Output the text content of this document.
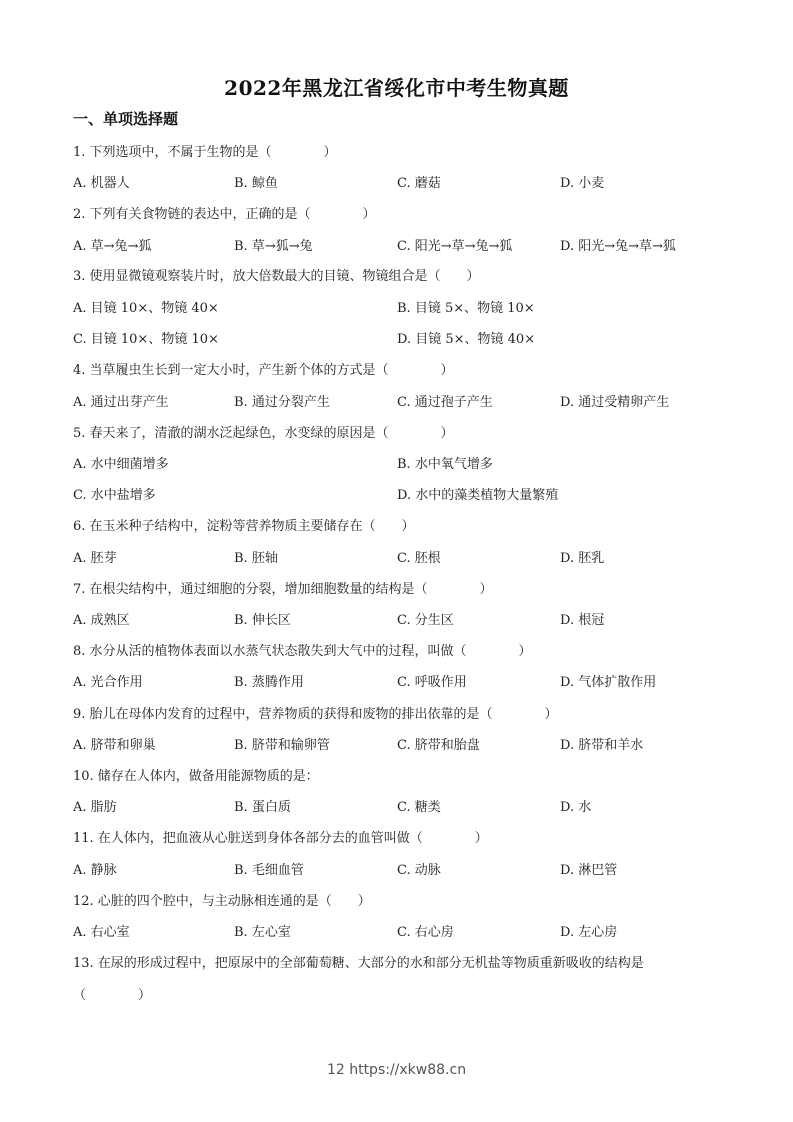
2022年黑龙江省绥化市中考生物真题
一、单项选择题
1. 下列选项中，不属于生物的是（　　　　）
A. 机器人	B. 鲸鱼	C. 蘑菇	D. 小麦
2. 下列有关食物链的表达中，正确的是（　　　　）
A. 草→兔→狐	B. 草→狐→兔	C. 阳光→草→兔→狐	D. 阳光→兔→草→狐
3. 使用显微镜观察装片时，放大倍数最大的目镜、物镜组合是（　　）
A. 目镜 10×、物镜 40×	B. 目镜 5×、物镜 10×
C. 目镜 10×、物镜 10×	D. 目镜 5×、物镜 40×
4. 当草履虫生长到一定大小时，产生新个体的方式是（　　　　）
A. 通过出芽产生	B. 通过分裂产生	C. 通过孢子产生	D. 通过受精卵产生
5. 春天来了，清澈的湖水泛起绿色，水变绿的原因是（　　　　）
A. 水中细菌增多	B. 水中氧气增多
C. 水中盐增多	D. 水中的藻类植物大量繁殖
6. 在玉米种子结构中，淀粉等营养物质主要储存在（　　）
A. 胚芽	B. 胚轴	C. 胚根	D. 胚乳
7. 在根尖结构中，通过细胞的分裂，增加细胞数量的结构是（　　　　）
A. 成熟区	B. 伸长区	C. 分生区	D. 根冠
8. 水分从活的植物体表面以水蒸气状态散失到大气中的过程，叫做（　　　　）
A. 光合作用	B. 蒸腾作用	C. 呼吸作用	D. 气体扩散作用
9. 胎儿在母体内发育的过程中，营养物质的获得和废物的排出依靠的是（　　　　）
A. 脐带和卵巢	B. 脐带和输卵管	C. 脐带和胎盘	D. 脐带和羊水
10. 储存在人体内，做备用能源物质的是：
A. 脂肪	B. 蛋白质	C. 糖类	D. 水
11. 在人体内，把血液从心脏送到身体各部分去的血管叫做（　　　　）
A. 静脉	B. 毛细血管	C. 动脉	D. 淋巴管
12. 心脏的四个腔中，与主动脉相连通的是（　　）
A. 右心室	B. 左心室	C. 右心房	D. 左心房
13. 在尿的形成过程中，把原尿中的全部葡萄糖、大部分的水和部分无机盐等物质重新吸收的结构是
（　　　　）
12 https://xkw88.cn
